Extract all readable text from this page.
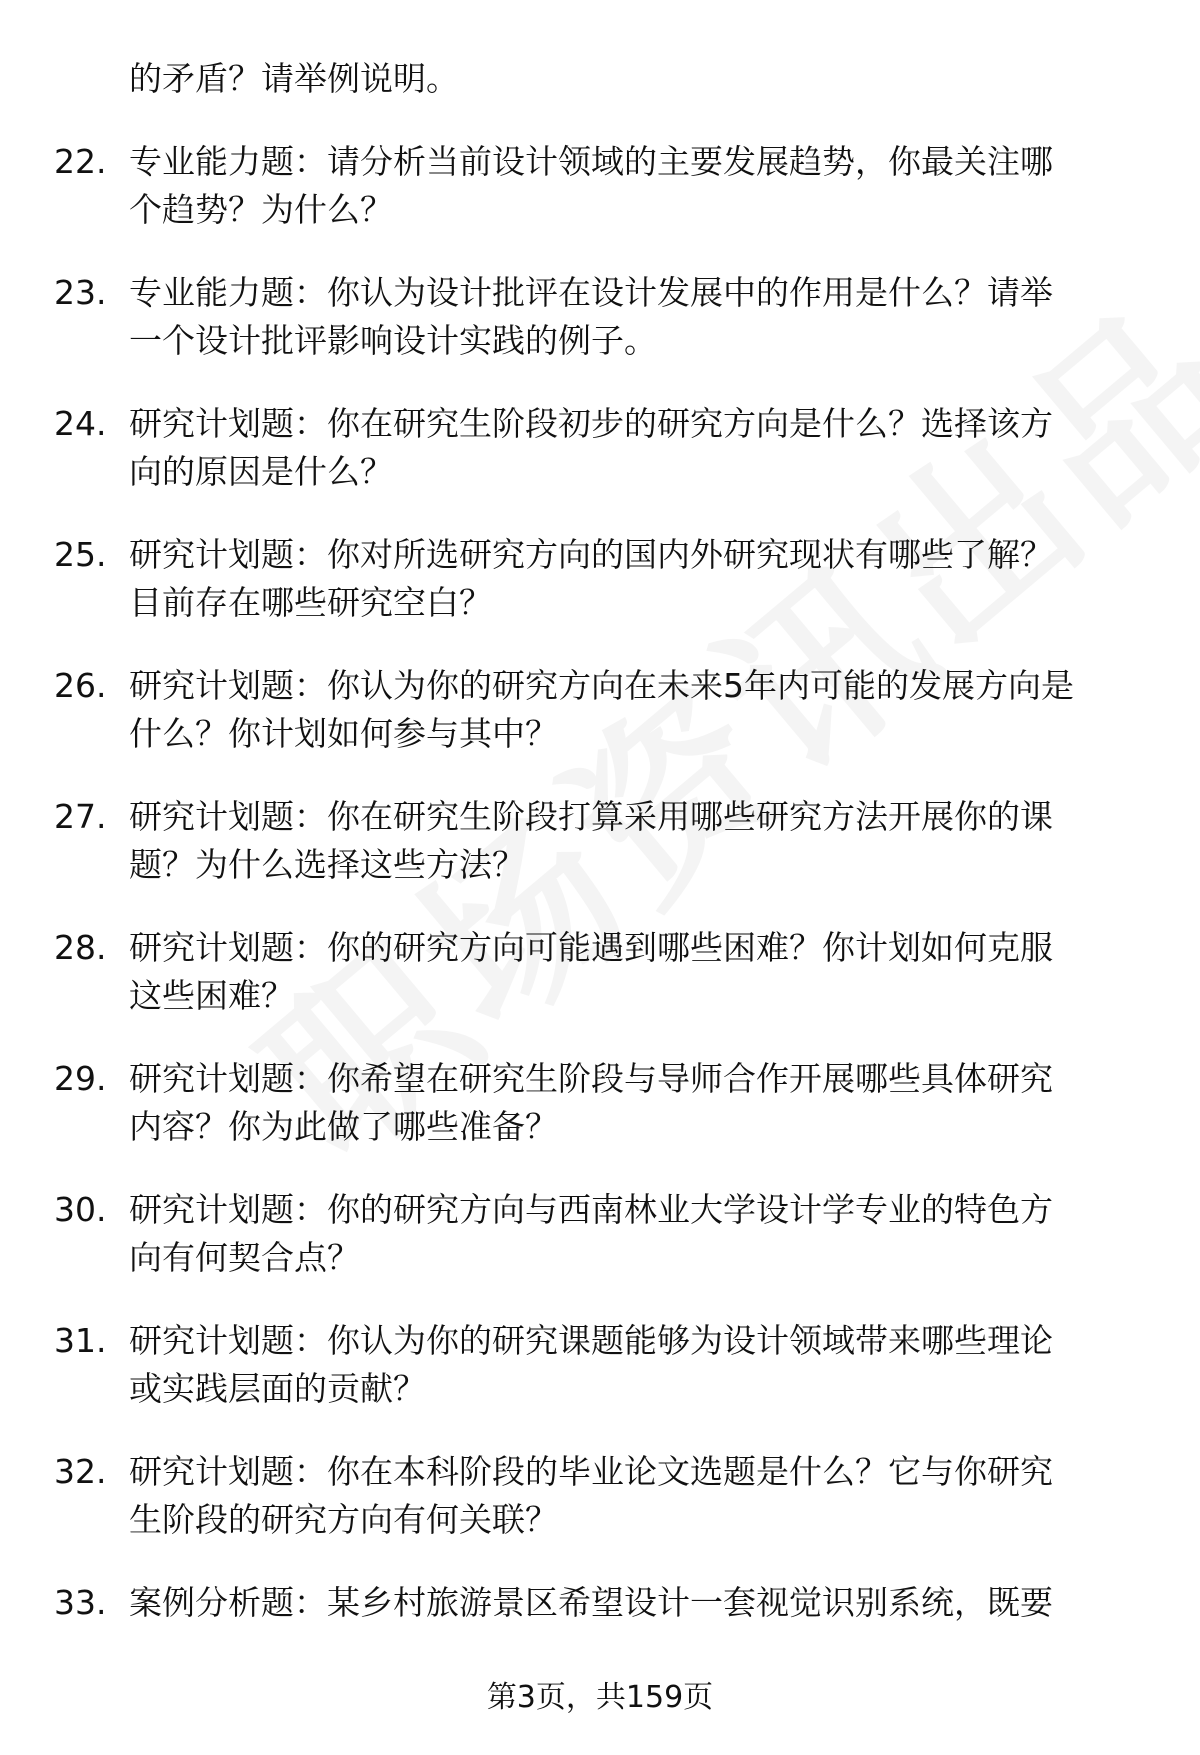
的矛盾？请举例说明。
22. 专业能力题：请分析当前设计领域的主要发展趋势，你最关注哪
个趋势？为什么？
23. 专业能力题：你认为设计批评在设计发展中的作用是什么？请举
一个设计批评影响设计实践的例子。
24. 研究计划题：你在研究生阶段初步的研究方向是什么？选择该方
向的原因是什么？
25. 研究计划题：你对所选研究方向的国内外研究现状有哪些了解？
目前存在哪些研究空白？
26. 研究计划题：你认为你的研究方向在未来5年内可能的发展方向是
什么？你计划如何参与其中？
27. 研究计划题：你在研究生阶段打算采用哪些研究方法开展你的课
题？为什么选择这些方法？
28. 研究计划题：你的研究方向可能遇到哪些困难？你计划如何克服
这些困难？
29. 研究计划题：你希望在研究生阶段与导师合作开展哪些具体研究
内容？你为此做了哪些准备？
30. 研究计划题：你的研究方向与西南林业大学设计学专业的特色方
向有何契合点？
31. 研究计划题：你认为你的研究课题能够为设计领域带来哪些理论
或实践层面的贡献？
32. 研究计划题：你在本科阶段的毕业论文选题是什么？它与你研究
生阶段的研究方向有何关联？
33. 案例分析题：某乡村旅游景区希望设计一套视觉识别系统，既要
第3页，共159页
